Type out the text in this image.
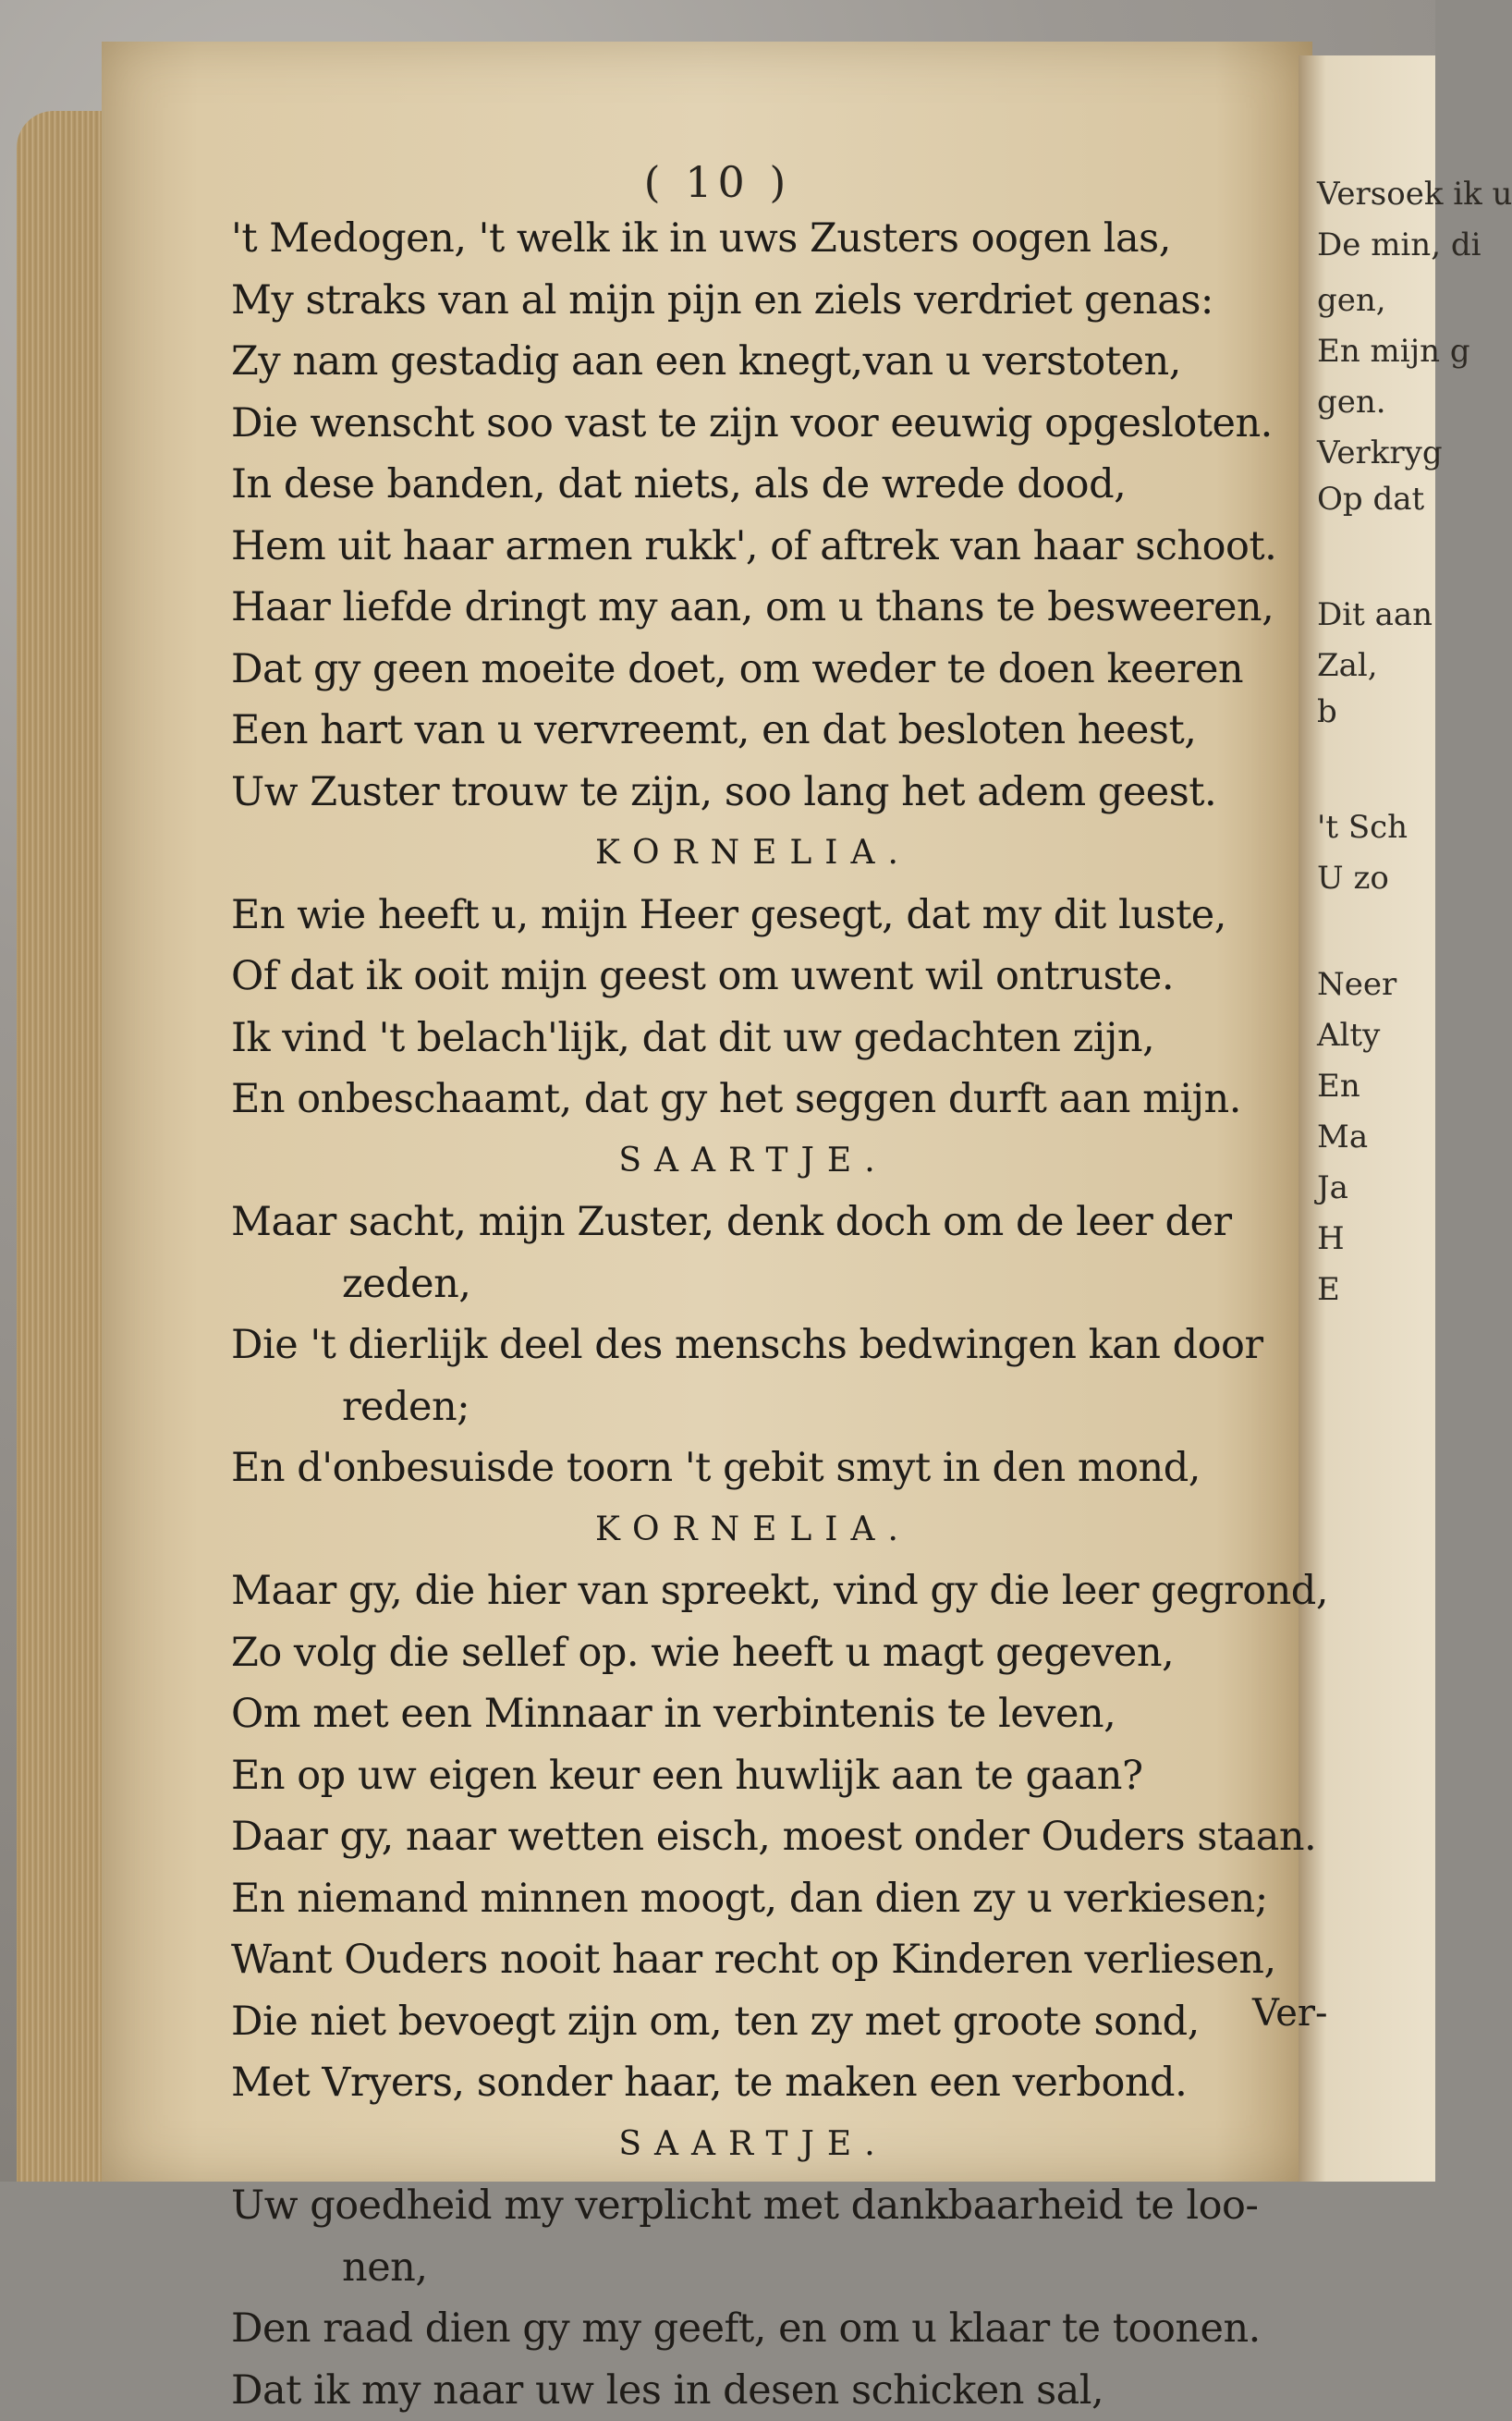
Versoek ik u
De min, di
gen,
En mijn g
gen.
Verkryg
Op dat
Dit aan
Zal,
b
't Sch
U zo
Neer
Alty
En
Ma
Ja
H
E
( 10 )
't Medogen, 't welk ik in uws Zusters oogen las,
My straks van al mijn pijn en ziels verdriet genas:
Zy nam gestadig aan een knegt,van u verstoten,
Die wenscht soo vast te zijn voor eeuwig opgesloten.
In dese banden, dat niets, als de wrede dood,
Hem uit haar armen rukk', of aftrek van haar schoot.
Haar liefde dringt my aan, om u thans te besweeren,
Dat gy geen moeite doet, om weder te doen keeren
Een hart van u vervreemt, en dat besloten heest,
Uw Zuster trouw te zijn, soo lang het adem geest.
KORNELIA.
En wie heeft u, mijn Heer gesegt, dat my dit luste,
Of dat ik ooit mijn geest om uwent wil ontruste.
Ik vind 't belach'lijk, dat dit uw gedachten zijn,
En onbeschaamt, dat gy het seggen durft aan mijn.
SAARTJE.
Maar sacht, mijn Zuster, denk doch om de leer der
zeden,
Die 't dierlijk deel des menschs bedwingen kan door
reden;
En d'onbesuisde toorn 't gebit smyt in den mond,
KORNELIA.
Maar gy, die hier van spreekt, vind gy die leer gegrond,
Zo volg die sellef op. wie heeft u magt gegeven,
Om met een Minnaar in verbintenis te leven,
En op uw eigen keur een huwlijk aan te gaan?
Daar gy, naar wetten eisch, moest onder Ouders staan.
En niemand minnen moogt, dan dien zy u verkiesen;
Want Ouders nooit haar recht op Kinderen verliesen,
Die niet bevoegt zijn om, ten zy met groote sond,
Met Vryers, sonder haar, te maken een verbond.
SAARTJE.
Uw goedheid my verplicht met dankbaarheid te loo-
nen,
Den raad dien gy my geeft, en om u klaar te toonen.
Dat ik my naar uw les in desen schicken sal,
Ver-
